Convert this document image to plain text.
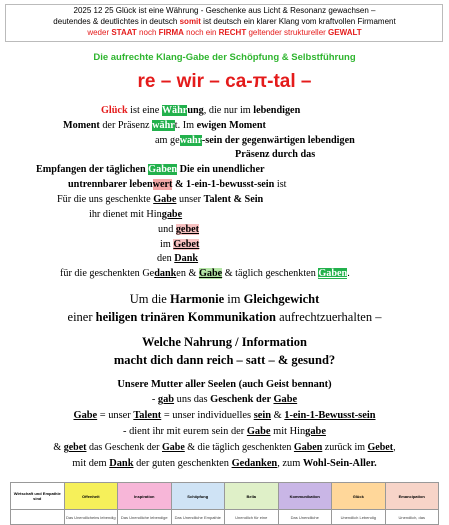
2025 12 25 Glück ist eine Währung - Geschenke aus Licht & Resonanz gewachsen –
deutendes & deutlichtes in deutsch somit ist deutsch ein klarer Klang vom kraftvollen Firmament
weder STAAT noch FIRMA noch ein RECHT geltender struktureller GEWALT
Die aufrechte Klang-Gabe der Schöpfung & Selbstführung
re – wir – ca-π-tal –
Glück ist eine Währung, die nur im lebendigen
Moment der Präsenz währt. Im ewigen Moment
am gewahr-sein der gegenwärtigen lebendigen
Präsenz durch das
Empfangen der täglichen Gaben Die ein unendlicher
untrennbarer lebenwert & 1-ein-1-bewusst-sein ist
Für die uns geschenkte Gabe unser Talent & Sein
ihr dienet mit Hingabe
und gebet
im Gebet
den Dank
für die geschenkten Gedanken & Gabe & täglich geschenkten Gaben.
Um die Harmonie im Gleichgewicht
einer heiligen trinären Kommunikation aufrechtzuerhalten –
Welche Nahrung / Information
macht dich dann reich – satt – & gesund?
Unsere Mutter aller Seelen (auch Geist bennant)
- gab uns das Geschenk der Gabe
Gabe = unser Talent = unser individuelles sein & 1-ein-1-Bewusst-sein
- dient ihr mit eurem sein der Gabe mit Hingabe
& gebet das Geschenk der Gabe & die täglich geschenkten Gaben zurück im Gebet,
mit dem Dank der guten geschenkten Gedanken, zum Wohl-Sein-Aller.
Wirtschaft und Empathie sind	Offenheit	Inspiration	Schöpfung	Bella	Kommunikation	Glück	Emancipation
	Das Unendlicheins lebendig	Das Unendliche lebendige	Das Unendliche Empathie	Unendlich für eine	Das Unendliche	Unendlich Lebendig	Unendlich, das
